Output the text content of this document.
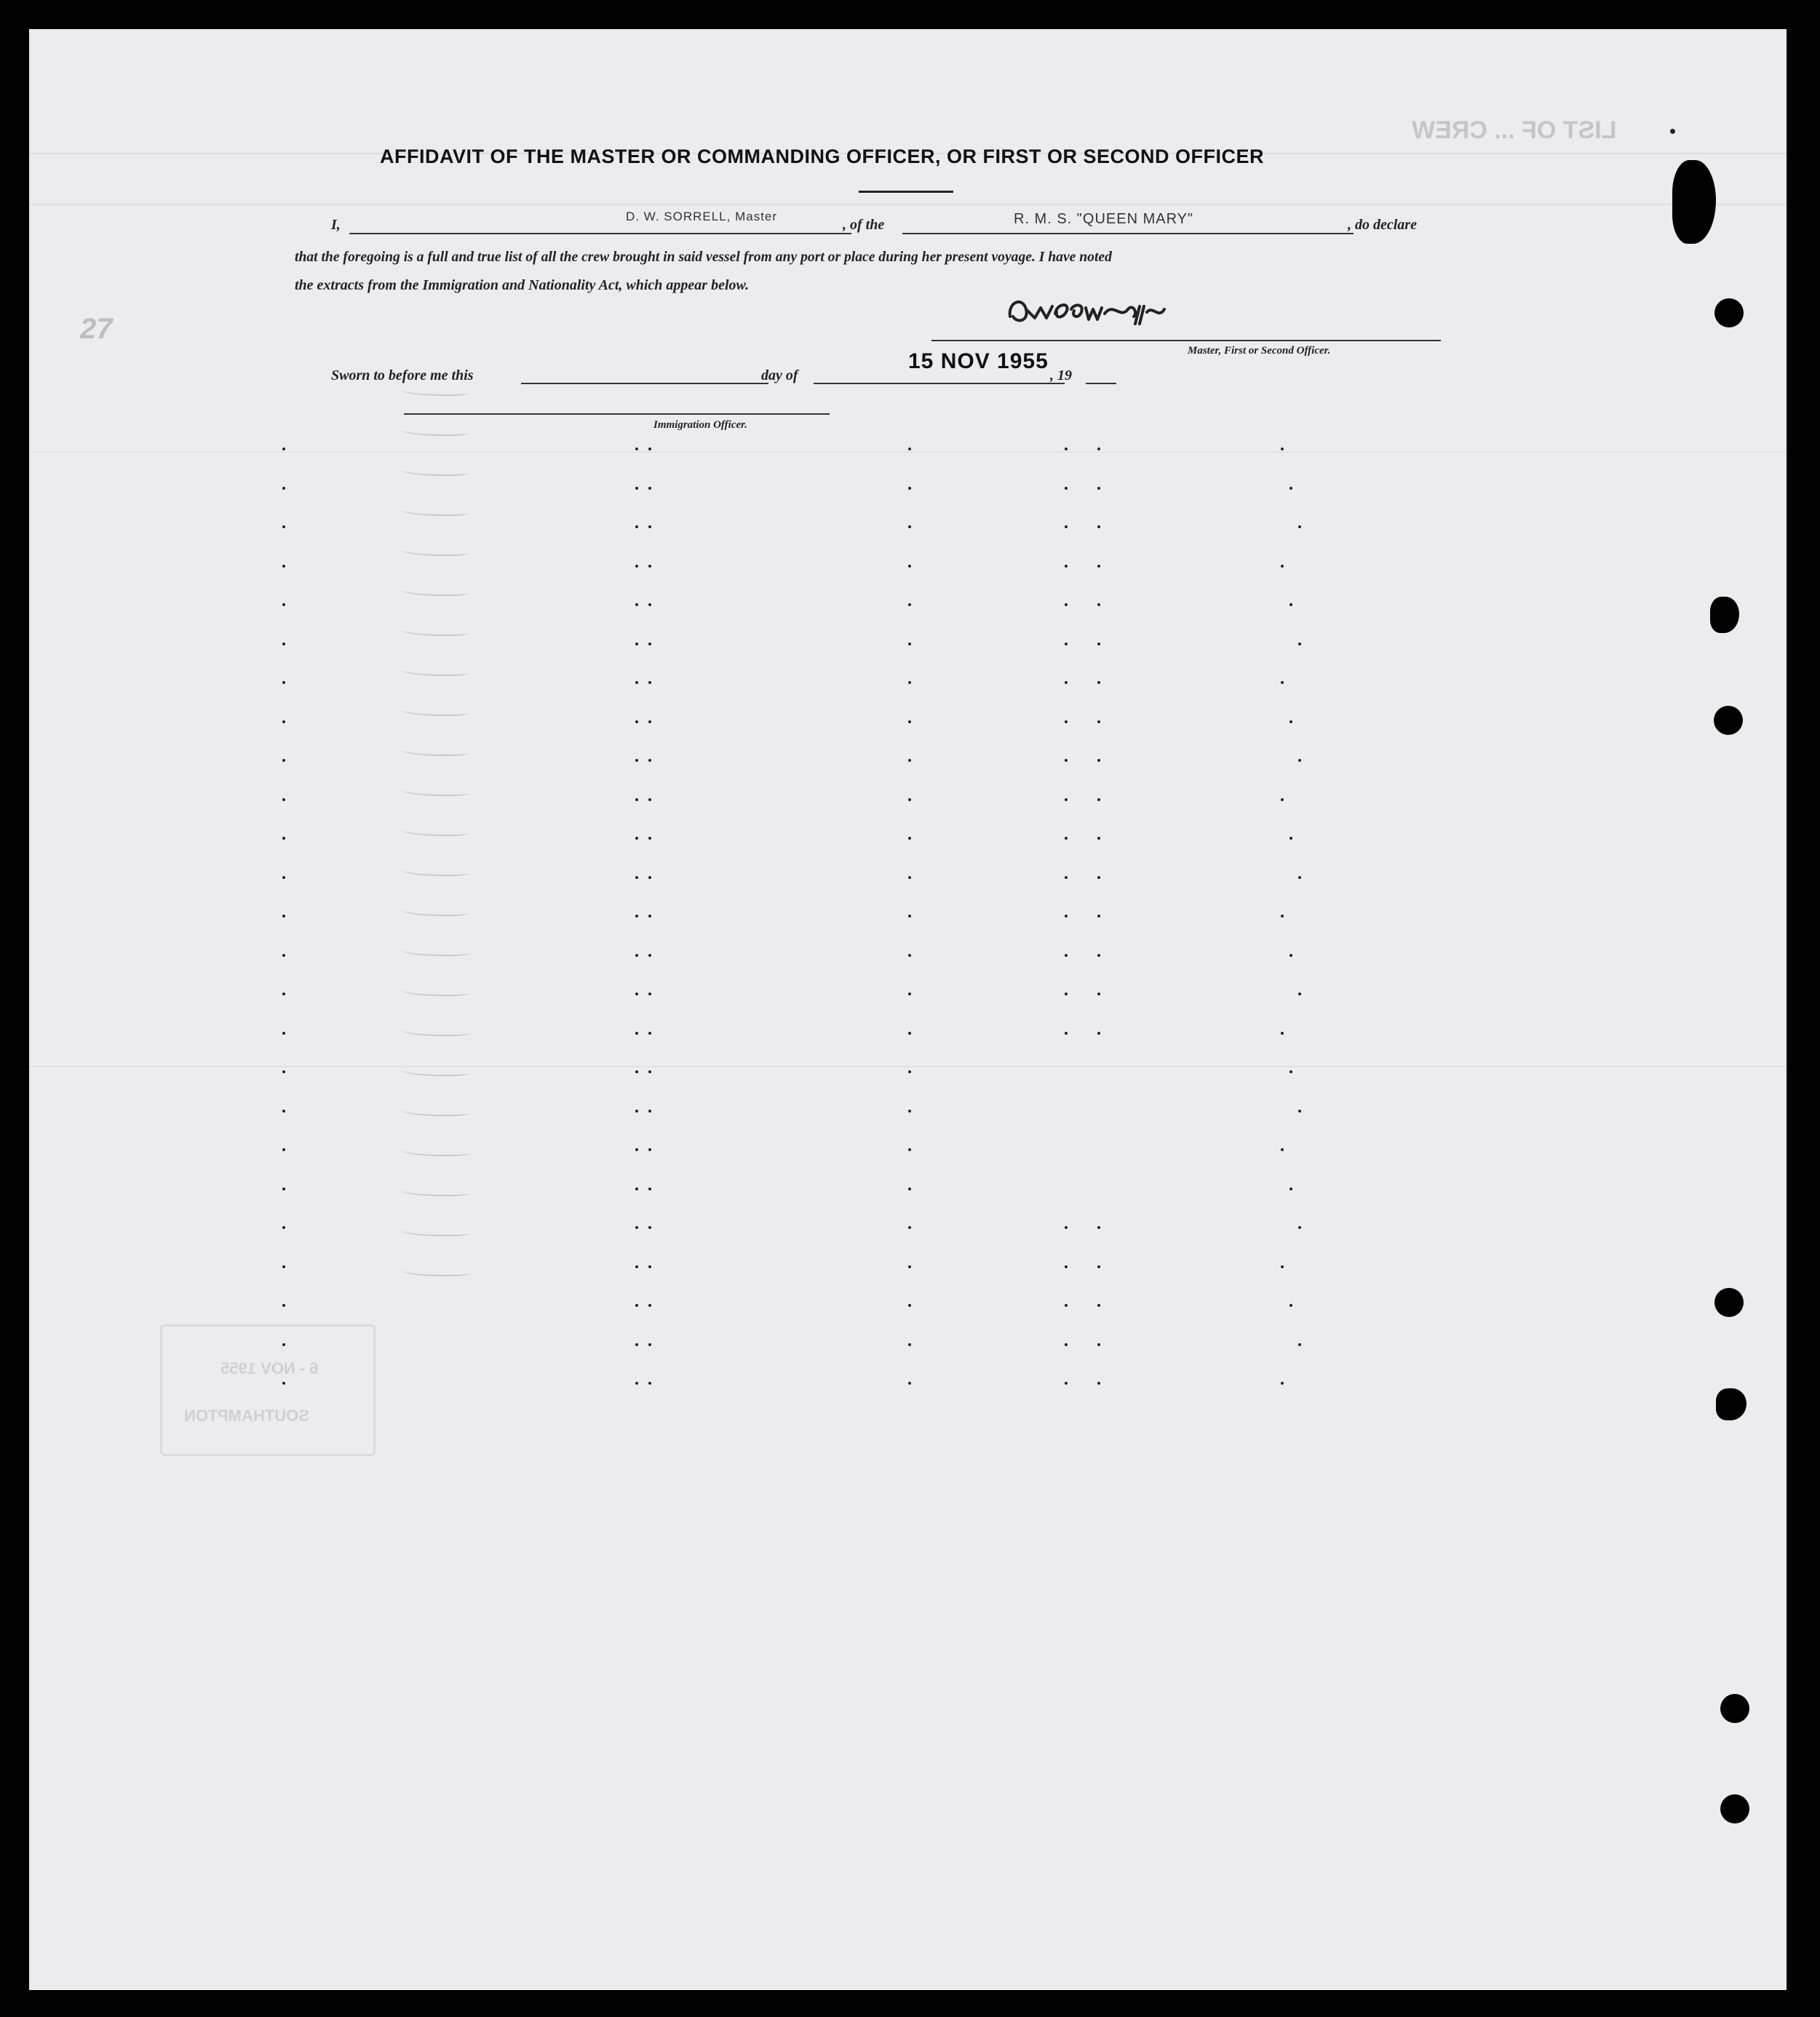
LIST OF ... CREW
27
6 - NOV 1955
SOUTHAMPTON
AFFIDAVIT OF THE MASTER OR COMMANDING OFFICER, OR FIRST OR SECOND OFFICER
I,
D. W. SORRELL, Master
, of the	R. M. S. "QUEEN MARY"	, do declare
that the foregoing is a full and true list of all the crew brought in said vessel from any port or place during her present voyage. I have noted
the extracts from the Immigration and Nationality Act, which appear below.
Master, First or Second Officer.
Sworn to before me this	day of
15 NOV 1955
, 19
Immigration Officer.
